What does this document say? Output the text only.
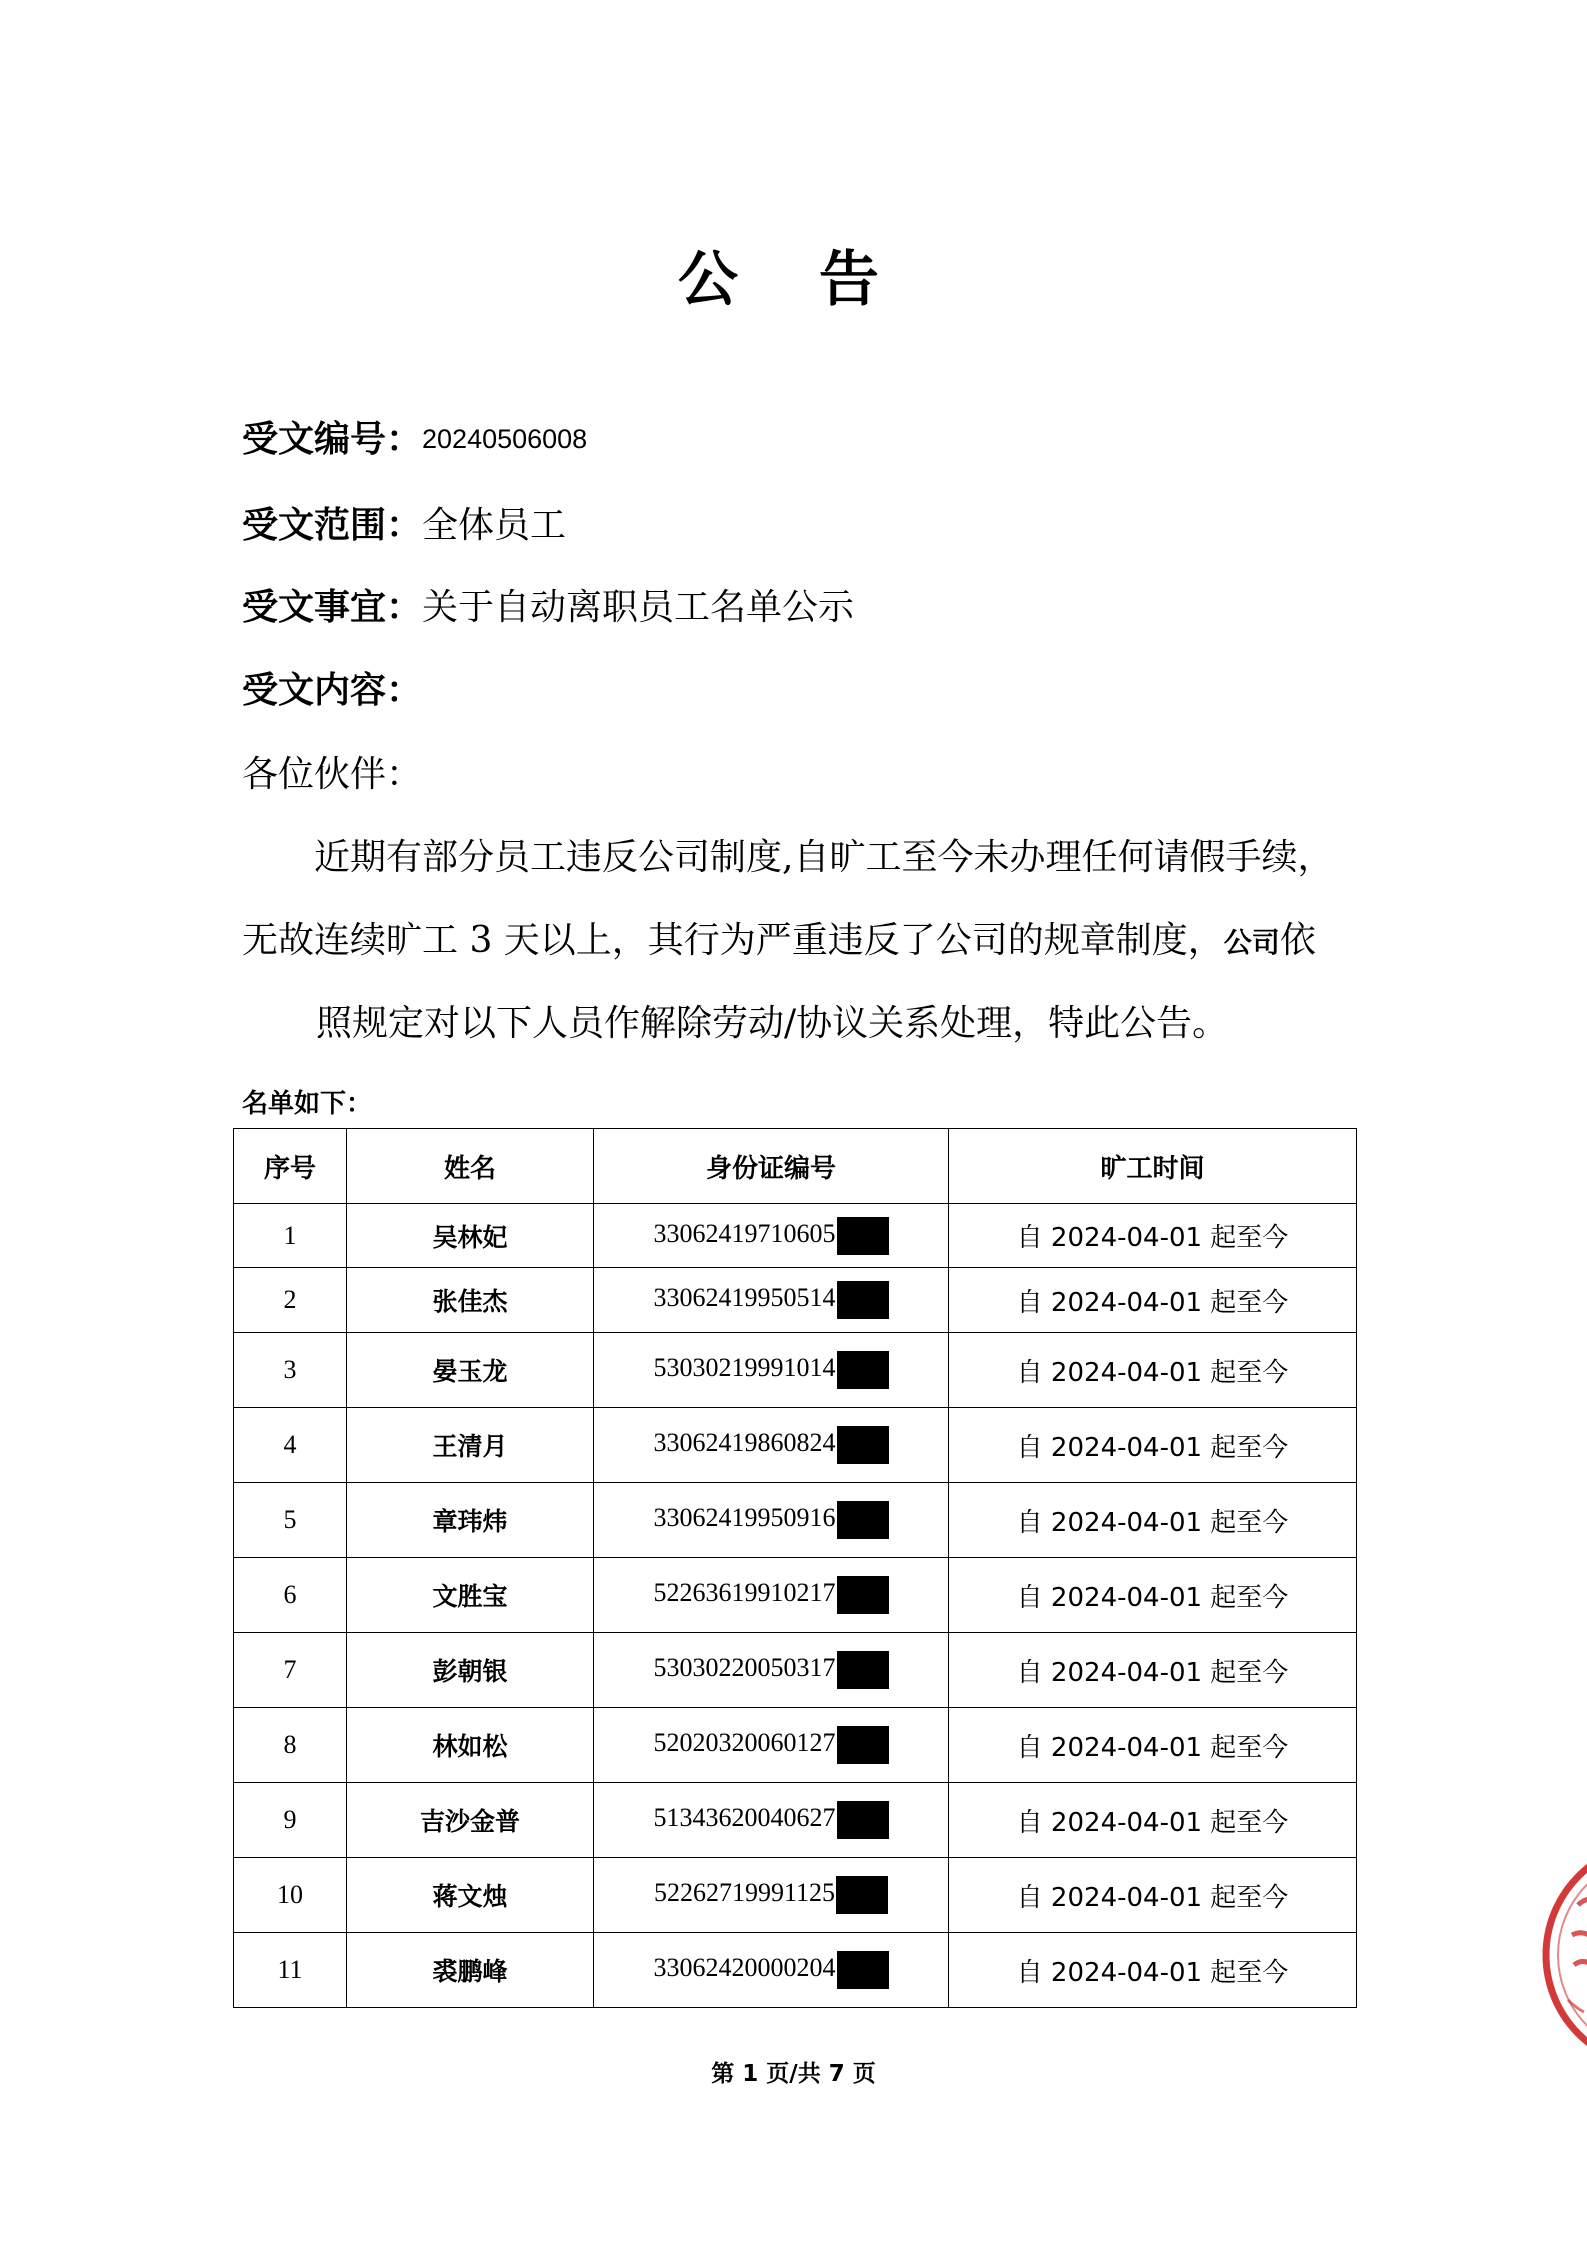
公 告
受文编号：20240506008
受文范围：全体员工
受文事宜：关于自动离职员工名单公示
受文内容：
各位伙伴：
近期有部分员工违反公司制度,自旷工至今未办理任何请假手续，
无故连续旷工 3 天以上，其行为严重违反了公司的规章制度，公司依
照规定对以下人员作解除劳动/协议关系处理，特此公告。
名单如下：
序号	姓名	身份证编号	旷工时间
1	吴林妃	33062419710605	自 2024-04-01 起至今
2	张佳杰	33062419950514	自 2024-04-01 起至今
3	晏玉龙	53030219991014	自 2024-04-01 起至今
4	王清月	33062419860824	自 2024-04-01 起至今
5	章玮炜	33062419950916	自 2024-04-01 起至今
6	文胜宝	52263619910217	自 2024-04-01 起至今
7	彭朝银	53030220050317	自 2024-04-01 起至今
8	林如松	52020320060127	自 2024-04-01 起至今
9	吉沙金普	51343620040627	自 2024-04-01 起至今
10	蒋文烛	52262719991125	自 2024-04-01 起至今
11	裘鹏峰	33062420000204	自 2024-04-01 起至今
第 1 页/共 7 页
